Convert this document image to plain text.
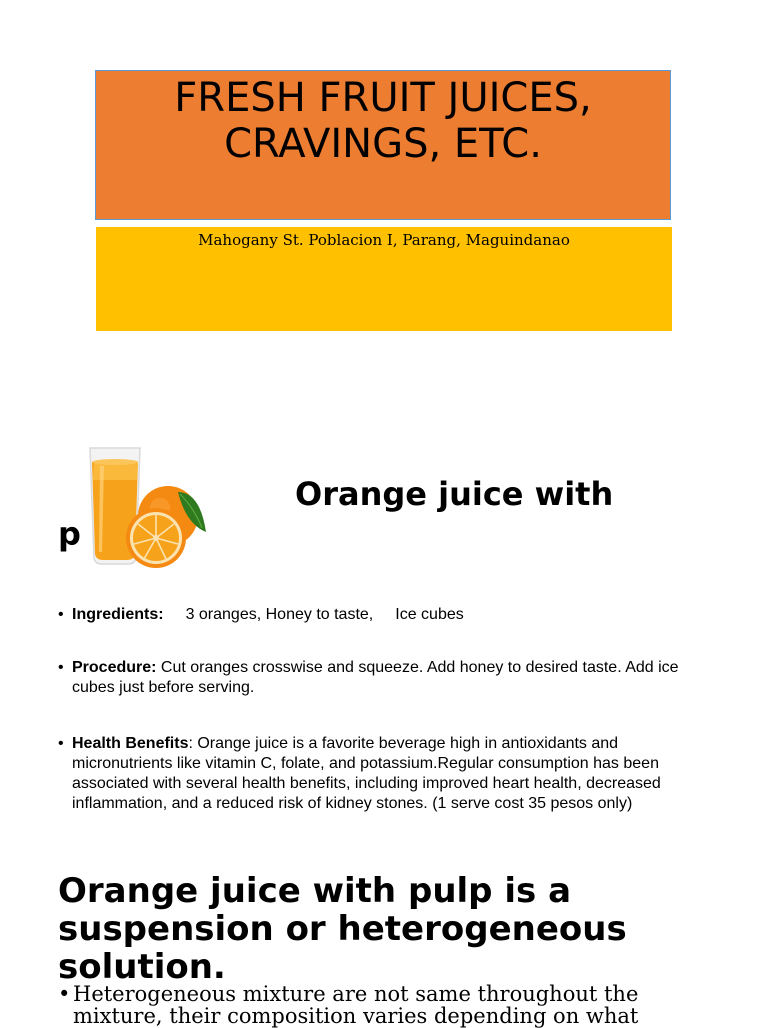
FRESH FRUIT JUICES,
CRAVINGS, ETC.
Mahogany St. Poblacion I, Parang, Maguindanao
Orange juice with
p
• Ingredients: 3 oranges, Honey to taste, Ice cubes
• Procedure: Cut oranges crosswise and squeeze. Add honey to desired taste. Add ice cubes just before serving.
• Health Benefits: Orange juice is a favorite beverage high in antioxidants and micronutrients like vitamin C, folate, and potassium.Regular consumption has been associated with several health benefits, including improved heart health, decreased inflammation, and a reduced risk of kidney stones. (1 serve cost 35 pesos only)
Orange juice with pulp is a suspension or heterogeneous solution.
• Heterogeneous mixture are not same throughout the mixture, their composition varies depending on what
